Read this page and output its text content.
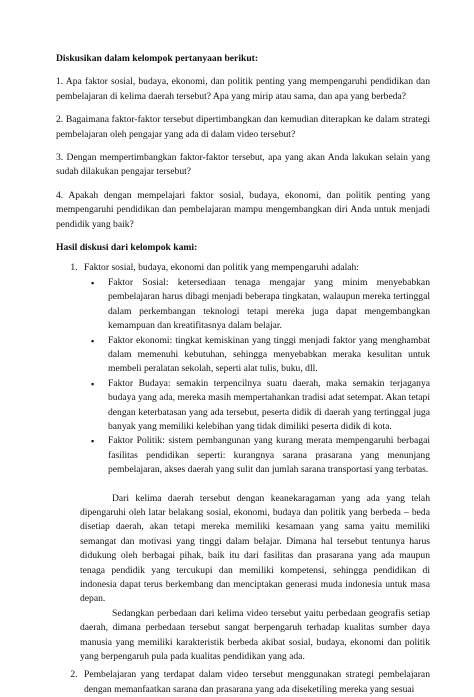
Diskusikan dalam kelompok pertanyaan berikut:

1. Apa faktor sosial, budaya, ekonomi, dan politik penting yang mempengaruhi pendidikan dan pembelajaran di kelima daerah tersebut? Apa yang mirip atau sama, dan apa yang berbeda?

2. Bagaimana faktor-faktor tersebut dipertimbangkan dan kemudian diterapkan ke dalam strategi pembelajaran oleh pengajar yang ada di dalam video tersebut?

3. Dengan mempertimbangkan faktor-faktor tersebut, apa yang akan Anda lakukan selain yang sudah dilakukan pengajar tersebut?

4. Apakah dengan mempelajari faktor sosial, budaya, ekonomi, dan politik penting yang mempengaruhi pendidikan dan pembelajaran mampu mengembangkan diri Anda untuk menjadi pendidik yang baik?

Hasil diskusi dari kelompok kami:

1. Faktor sosial, budaya, ekonomi dan politik yang mempengaruhi adalah:
▪ Faktor Sosial: ketersediaan tenaga mengajar yang minim menyebabkan pembelajaran harus dibagi menjadi beberapa tingkatan, walaupun mereka tertinggal dalam perkembangan teknologi tetapi mereka juga dapat mengembangkan kemampuan dan kreatifitasnya dalam belajar.
▪ Faktor ekonomi: tingkat kemiskinan yang tinggi menjadi faktor yang menghambat dalam memenuhi kebutuhan, sehingga menyebabkan meraka kesulitan untuk membeli peralatan sekolah, seperti alat tulis, buku, dll.
▪ Faktor Budaya: semakin terpencilnya suatu daerah, maka semakin terjaganya budaya yang ada, mereka masih mempertahankan tradisi adat setempat. Akan tetapi dengan keterbatasan yang ada tersebut, peserta didik di daerah yang tertinggal juga banyak yang memiliki kelebihan yang tidak dimiliki peserta didik di kota.
▪ Faktor Politik: sistem pembangunan yang kurang merata mempengaruhi berbagai fasilitas pendidikan seperti: kurangnya sarana prasarana yang menunjang pembelajaran, akses daerah yang sulit dan jumlah sarana transportasi yang terbatas.

Dari kelima daerah tersebut dengan keanekaragaman yang ada yang telah dipengaruhi oleh latar belakang sosial, ekonomi, budaya dan politik yang berbeda – beda disetiap daerah, akan tetapi mereka memiliki kesamaan yang sama yaitu memiliki semangat dan motivasi yang tinggi dalam belajar. Dimana hal tersebut tentunya harus didukung oleh berbagai pihak, baik itu dari fasilitas dan prasarana yang ada maupun tenaga pendidik yang tercukupi dan memiliki kompetensi, sehingga pendidikan di indonesia dapat terus berkembang dan menciptakan generasi muda indonesia untuk masa depan.

Sedangkan perbedaan dari kelima video tersebut yaitu perbedaan geografis setiap daerah, dimana perbedaan tersebut sangat berpengaruh terhadap kualitas sumber daya manusia yang memiliki karakteristik berbeda akibat sosial, budaya, ekonomi dan politik yang berpengaruh pula pada kualitas pendidikan yang ada.

2. Pembelajaran yang terdapat dalam video tersebut menggunakan strategi pembelajaran dengan memanfaatkan sarana dan prasarana yang ada diseketiling mereka yang sesuai
